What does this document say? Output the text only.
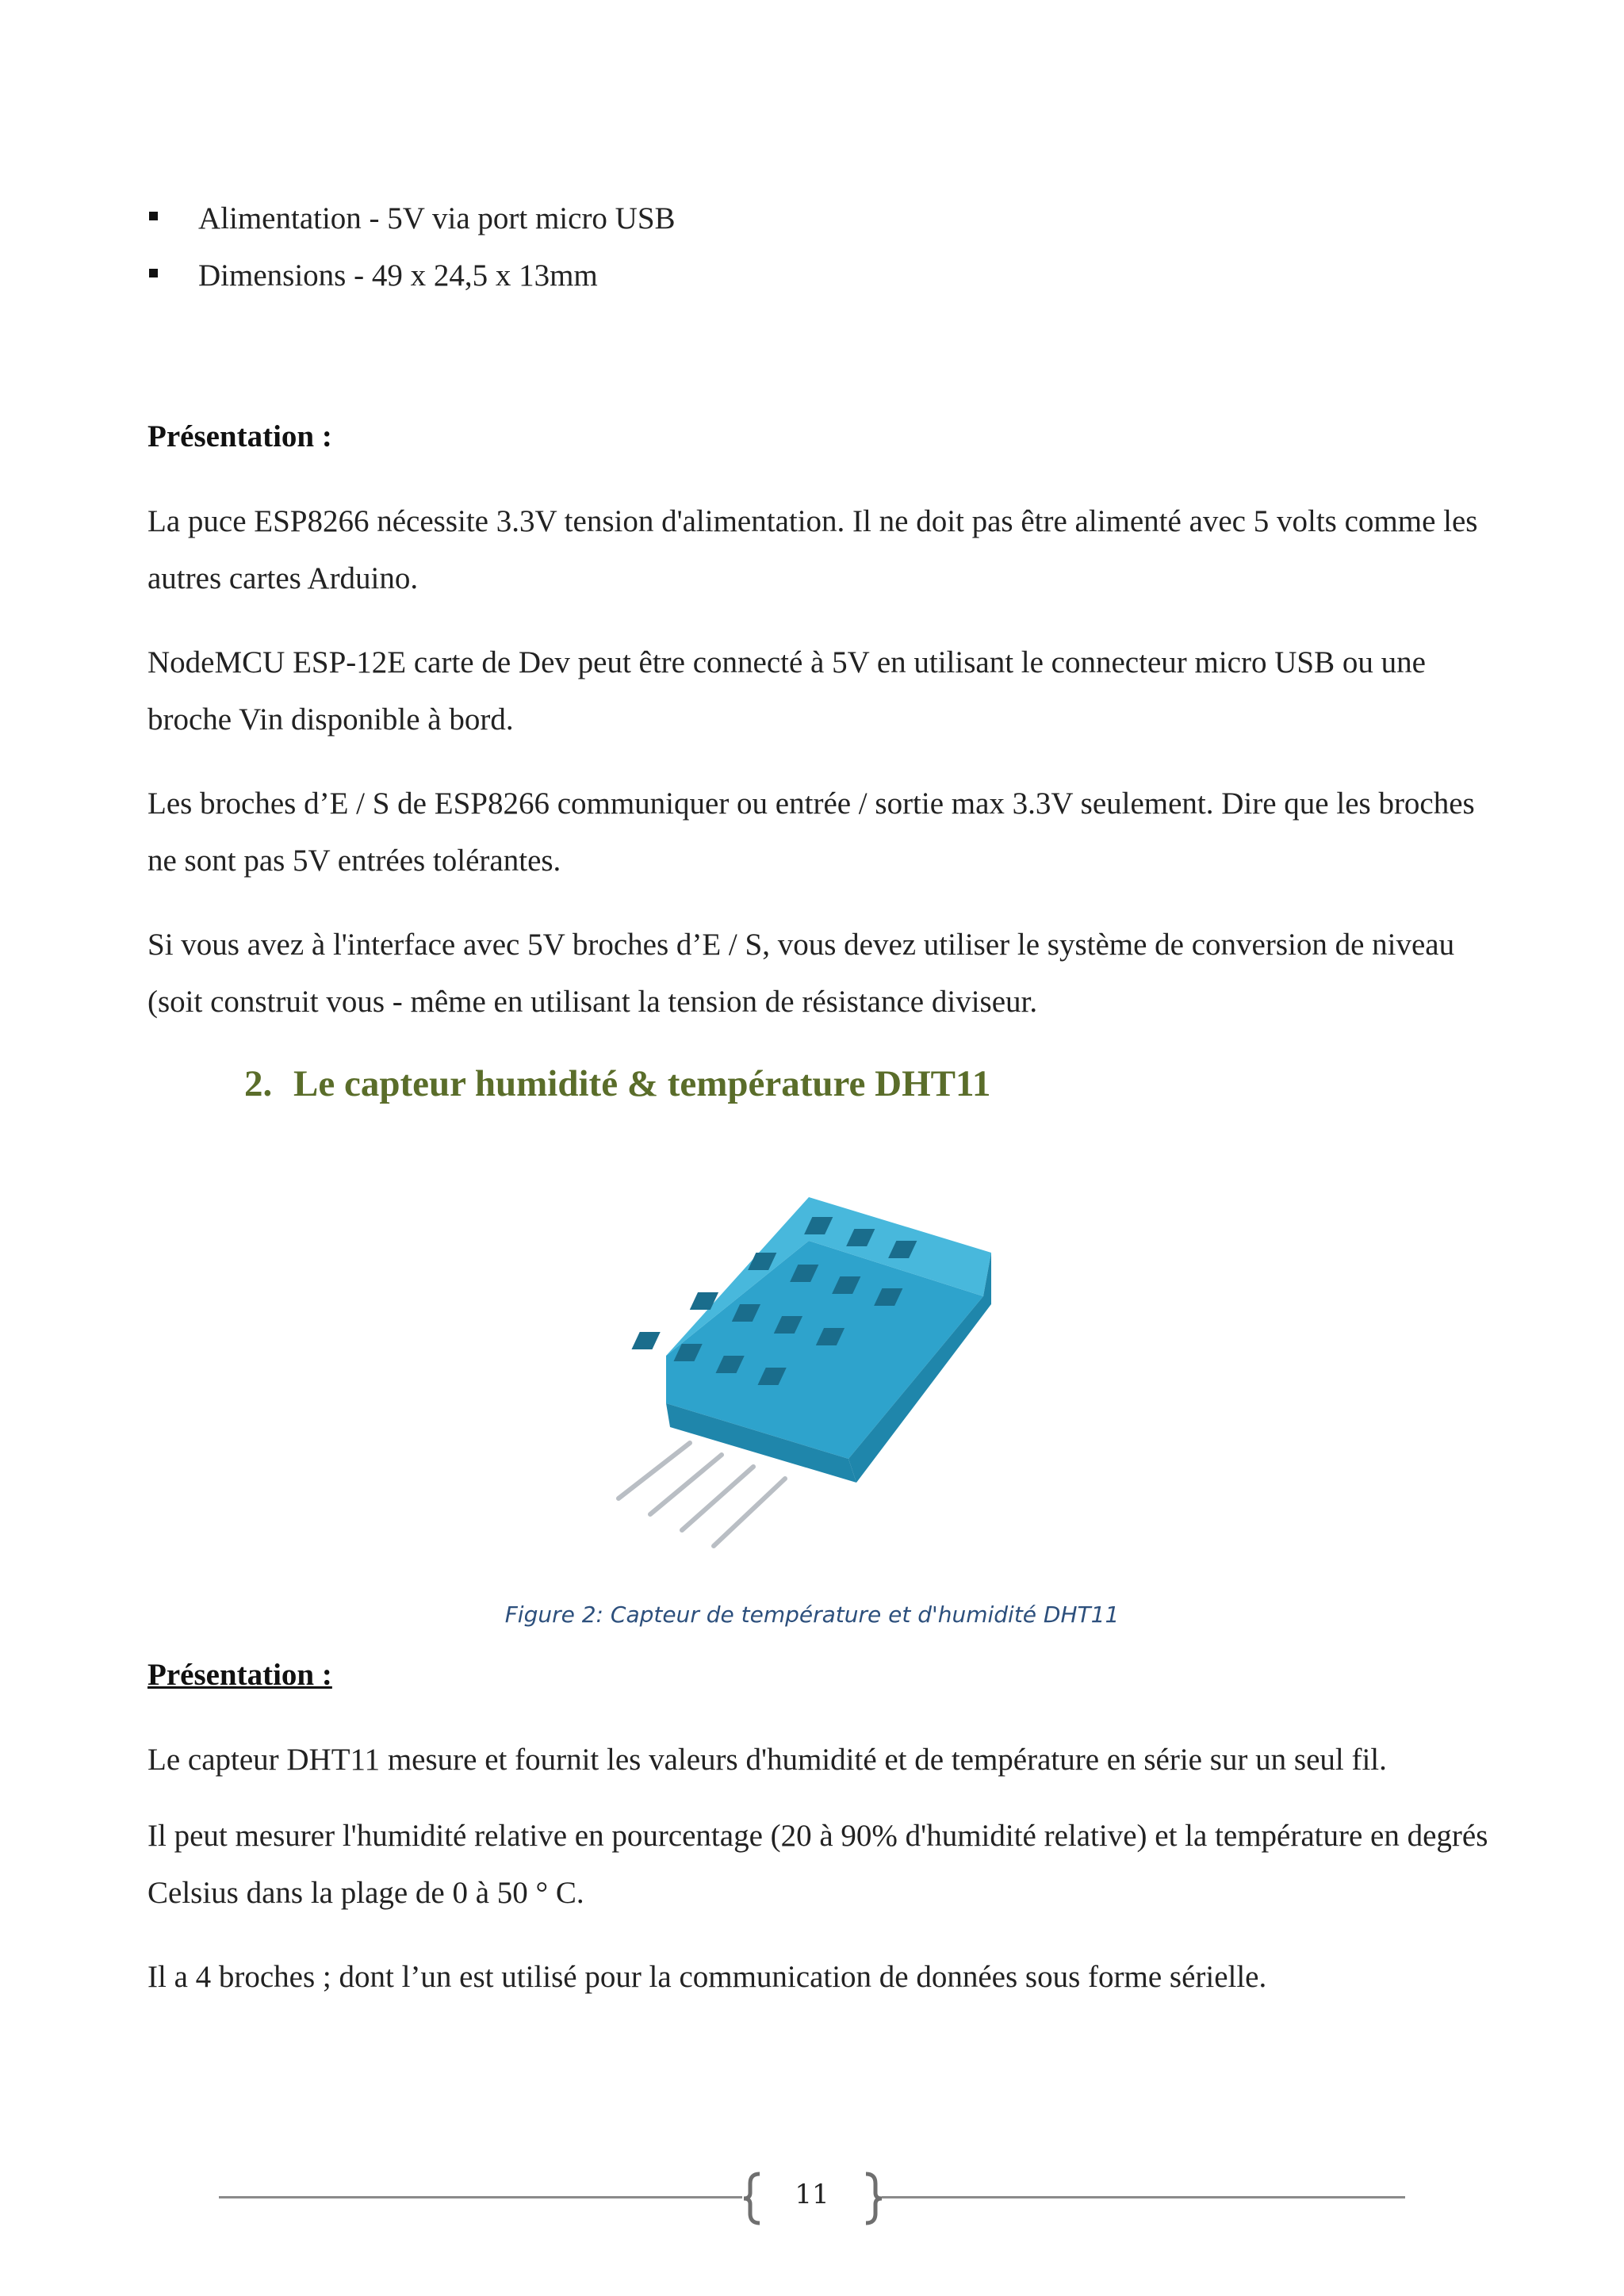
Alimentation - 5V via port micro USB
Dimensions - 49 x 24,5 x 13mm
Présentation :

La puce ESP8266 nécessite 3.3V tension d'alimentation. Il ne doit pas être alimenté avec 5 volts comme les autres cartes Arduino.

NodeMCU ESP-12E carte de Dev peut être connecté à 5V en utilisant le connecteur micro USB ou une broche Vin disponible à bord.

Les broches d’E / S de ESP8266 communiquer ou entrée / sortie max 3.3V seulement. Dire que les broches ne sont pas 5V entrées tolérantes.

Si vous avez à l'interface avec 5V broches d’E / S, vous devez utiliser le système de conversion de niveau (soit construit vous - même en utilisant la tension de résistance diviseur.

2. Le capteur humidité & température DHT11
Figure 2: Capteur de température et d'humidité DHT11
Présentation :

Le capteur DHT11 mesure et fournit les valeurs d'humidité et de température en série sur un seul fil.

Il peut mesurer l'humidité relative en pourcentage (20 à 90% d'humidité relative) et la température en degrés Celsius dans la plage de 0 à 50 ° C.

Il a 4 broches ; dont l’un est utilisé pour la communication de données sous forme sérielle.

11
